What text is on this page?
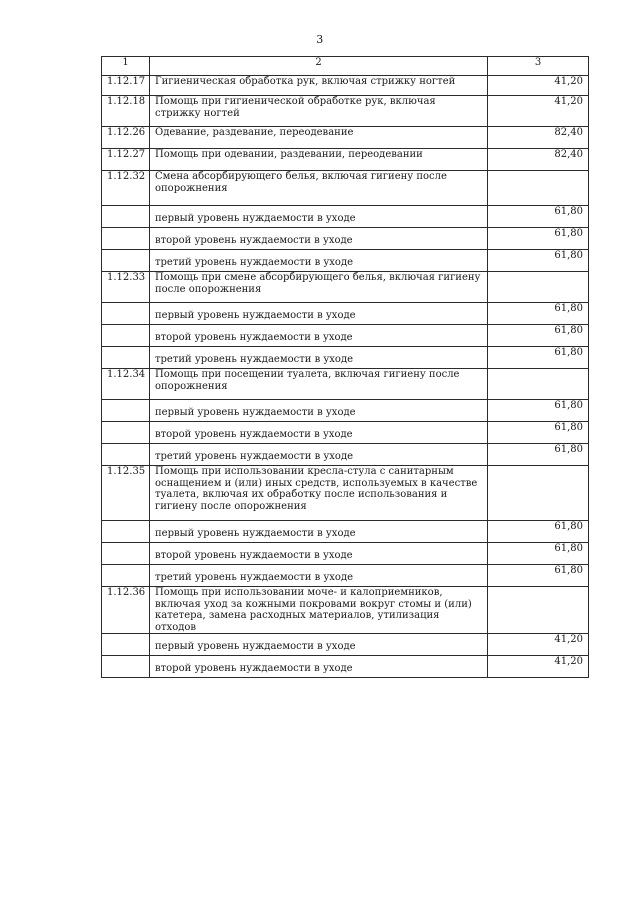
3
1	2	3
1.12.17	Гигиеническая обработка рук, включая стрижку ногтей	41,20
1.12.18	Помощь при гигиенической обработке рук, включая стрижку ногтей	41,20
1.12.26	Одевание, раздевание, переодевание	82,40
1.12.27	Помощь при одевании, раздевании, переодевании	82,40
1.12.32	Смена абсорбирующего белья, включая гигиену после опорожнения	
	первый уровень нуждаемости в уходе	61,80
	второй уровень нуждаемости в уходе	61,80
	третий уровень нуждаемости в уходе	61,80
1.12.33	Помощь при смене абсорбирующего белья, включая гигиену после опорожнения	
	первый уровень нуждаемости в уходе	61,80
	второй уровень нуждаемости в уходе	61,80
	третий уровень нуждаемости в уходе	61,80
1.12.34	Помощь при посещении туалета, включая гигиену после опорожнения	
	первый уровень нуждаемости в уходе	61,80
	второй уровень нуждаемости в уходе	61,80
	третий уровень нуждаемости в уходе	61,80
1.12.35	Помощь при использовании кресла-стула с санитарным оснащением и (или) иных средств, используемых в качестве туалета, включая их обработку после использования и гигиену после опорожнения	
	первый уровень нуждаемости в уходе	61,80
	второй уровень нуждаемости в уходе	61,80
	третий уровень нуждаемости в уходе	61,80
1.12.36	Помощь при использовании моче- и калоприемников, включая уход за кожными покровами вокруг стомы и (или) катетера, замена расходных материалов, утилизация отходов	
	первый уровень нуждаемости в уходе	41,20
	второй уровень нуждаемости в уходе	41,20
